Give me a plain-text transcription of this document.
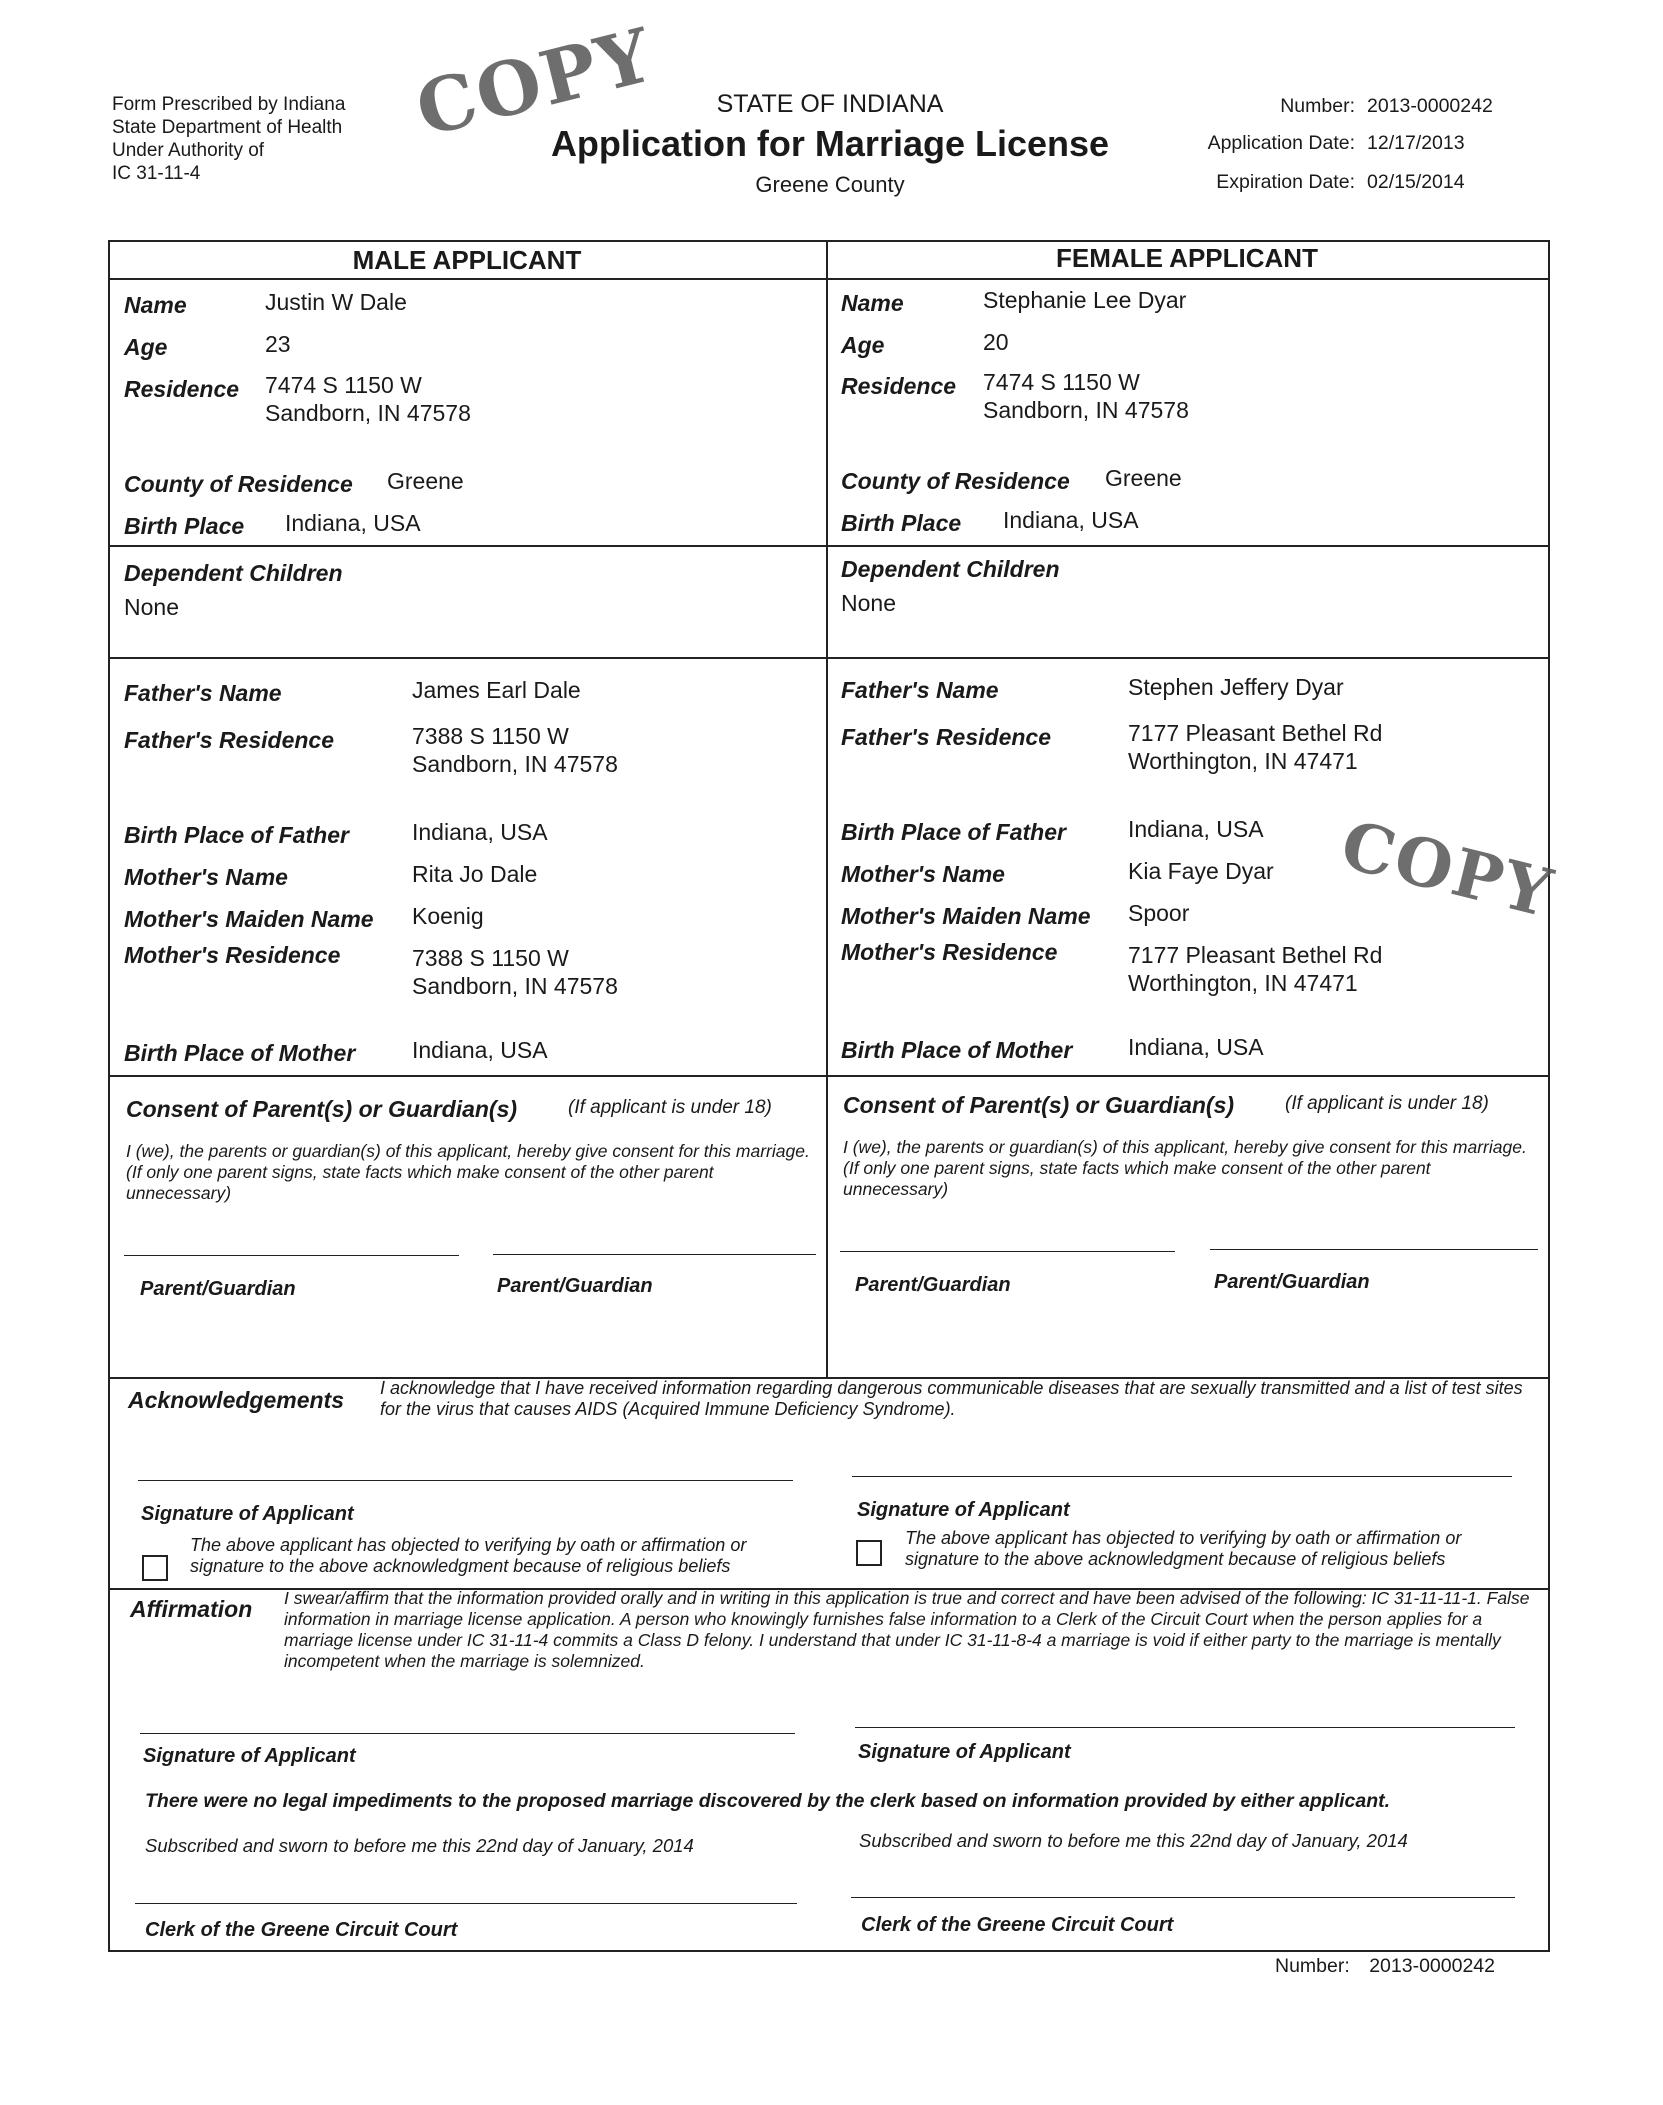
Form Prescribed by Indiana
State Department of Health
Under Authority of
IC 31-11-4
COPY	STATE OF INDIANA
Application for Marriage License
Greene County
Number: 2013-0000242
Application Date: 12/17/2013
Expiration Date: 02/15/2014
MALE APPLICANT	FEMALE APPLICANT
Name	Justin W Dale
Age	23
Residence 7474 S 1150 W
Sandborn, IN 47578
County of Residence Greene
Birth Place Indiana, USA
Dependent Children
None
Name	Stephanie Lee Dyar
Age	20
Residence 7474 S 1150 W
Sandborn, IN 47578
County of Residence Greene
Birth Place Indiana, USA
Dependent Children
None
Father's Name	James Earl Dale
Father's Residence	7388 S 1150 W
Sandborn, IN 47578
Birth Place of Father	Indiana, USA
Mother's Name	Rita Jo Dale
Mother's Maiden Name Koenig
Mother's Residence	7388 S 1150 W
Sandborn, IN 47578
Birth Place of Mother Indiana, USA
Father's Name	Stephen Jeffery Dyar
Father's Residence	7177 Pleasant Bethel Rd
Worthington, IN 47471
Birth Place of Father	Indiana, USA
Mother's Name	Kia Faye Dyar
Mother's Maiden Name Spoor
Mother's Residence	7177 Pleasant Bethel Rd
Worthington, IN 47471
Birth Place of Mother Indiana, USA
COPY
Consent of Parent(s) or Guardian(s)	(If applicant is under 18)
I (we), the parents or guardian(s) of this applicant, hereby give consent for this marriage. (If only one parent signs, state facts which make consent of the other parent unnecessary)
Parent/Guardian	Parent/Guardian
Consent of Parent(s) or Guardian(s)	(If applicant is under 18)
I (we), the parents or guardian(s) of this applicant, hereby give consent for this marriage. (If only one parent signs, state facts which make consent of the other parent unnecessary)
Parent/Guardian	Parent/Guardian
Acknowledgements I acknowledge that I have received information regarding dangerous communicable diseases that are sexually transmitted and a list of test sites for the virus that causes AIDS (Acquired Immune Deficiency Syndrome).
Signature of Applicant	Signature of Applicant
The above applicant has objected to verifying by oath or affirmation or
signature to the above acknowledgment because of religious beliefs
The above applicant has objected to verifying by oath or affirmation or
signature to the above acknowledgment because of religious beliefs
Affirmation I swear/affirm that the information provided orally and in writing in this application is true and correct and have been advised of the following: IC 31-11-11-1. False information in marriage license application. A person who knowingly furnishes false information to a Clerk of the Circuit Court when the person applies for a marriage license under IC 31-11-4 commits a Class D felony. I understand that under IC 31-11-8-4 a marriage is void if either party to the marriage is mentally incompetent when the marriage is solemnized.
Signature of Applicant	Signature of Applicant
There were no legal impediments to the proposed marriage discovered by the clerk based on information provided by either applicant.
Subscribed and sworn to before me this 22nd day of January, 2014	Subscribed and sworn to before me this 22nd day of January, 2014
Clerk of the Greene Circuit Court	Clerk of the Greene Circuit Court
Number: 2013-0000242
